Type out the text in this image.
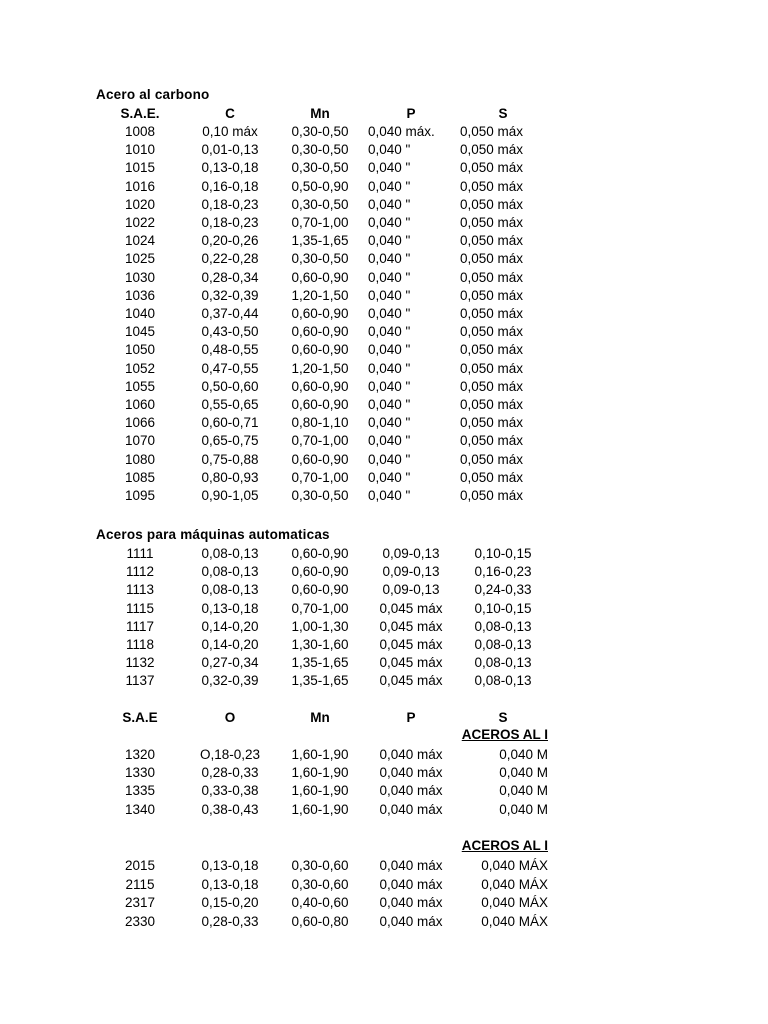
Acero al carbono
S.A.E.	C	Mn	P	S
1008	0,10 máx	0,30-0,50	0,040 máx.	0,050 máx
1010	0,01-0,13	0,30-0,50	0,040 "	0,050 máx
1015	0,13-0,18	0,30-0,50	0,040 "	0,050 máx
1016	0,16-0,18	0,50-0,90	0,040 "	0,050 máx
1020	0,18-0,23	0,30-0,50	0,040 "	0,050 máx
1022	0,18-0,23	0,70-1,00	0,040 "	0,050 máx
1024	0,20-0,26	1,35-1,65	0,040 "	0,050 máx
1025	0,22-0,28	0,30-0,50	0,040 "	0,050 máx
1030	0,28-0,34	0,60-0,90	0,040 "	0,050 máx
1036	0,32-0,39	1,20-1,50	0,040 "	0,050 máx
1040	0,37-0,44	0,60-0,90	0,040 "	0,050 máx
1045	0,43-0,50	0,60-0,90	0,040 "	0,050 máx
1050	0,48-0,55	0,60-0,90	0,040 "	0,050 máx
1052	0,47-0,55	1,20-1,50	0,040 "	0,050 máx
1055	0,50-0,60	0,60-0,90	0,040 "	0,050 máx
1060	0,55-0,65	0,60-0,90	0,040 "	0,050 máx
1066	0,60-0,71	0,80-1,10	0,040 "	0,050 máx
1070	0,65-0,75	0,70-1,00	0,040 "	0,050 máx
1080	0,75-0,88	0,60-0,90	0,040 "	0,050 máx
1085	0,80-0,93	0,70-1,00	0,040 "	0,050 máx
1095	0,90-1,05	0,30-0,50	0,040 "	0,050 máx
Aceros para máquinas automaticas
1111	0,08-0,13	0,60-0,90	0,09-0,13	0,10-0,15
1112	0,08-0,13	0,60-0,90	0,09-0,13	0,16-0,23
1113	0,08-0,13	0,60-0,90	0,09-0,13	0,24-0,33
1115	0,13-0,18	0,70-1,00	0,045 máx	0,10-0,15
1117	0,14-0,20	1,00-1,30	0,045 máx	0,08-0,13
1118	0,14-0,20	1,30-1,60	0,045 máx	0,08-0,13
1132	0,27-0,34	1,35-1,65	0,045 máx	0,08-0,13
1137	0,32-0,39	1,35-1,65	0,045 máx	0,08-0,13
S.A.E	O	Mn	P	S
ACEROS AL I
1320	O,18-0,23	1,60-1,90	0,040 máx	0,040 M
1330	0,28-0,33	1,60-1,90	0,040 máx	0,040 M
1335	0,33-0,38	1,60-1,90	0,040 máx	0,040 M
1340	0,38-0,43	1,60-1,90	0,040 máx	0,040 M
ACEROS AL I
2015	0,13-0,18	0,30-0,60	0,040 máx	0,040 MÁX
2115	0,13-0,18	0,30-0,60	0,040 máx	0,040 MÁX
2317	0,15-0,20	0,40-0,60	0,040 máx	0,040 MÁX
2330	0,28-0,33	0,60-0,80	0,040 máx	0,040 MÁX
